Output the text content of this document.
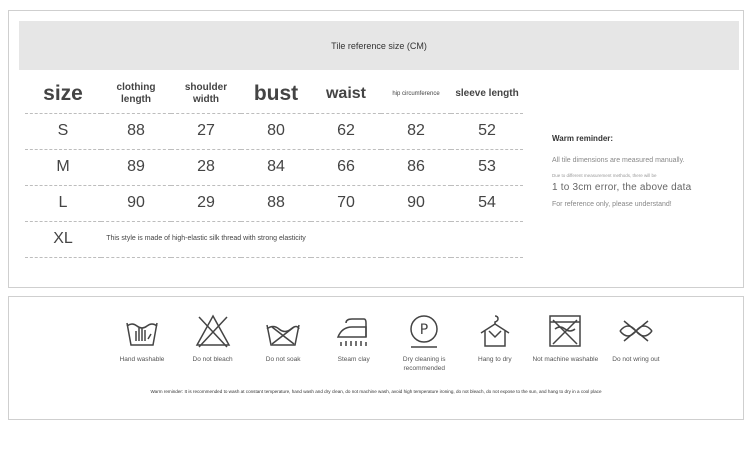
Tile reference size (CM)
size	clothing length	shoulder width	bust	waist	hip circumference	sleeve length
S	88	27	80	62	82	52
M	89	28	84	66	86	53
L	90	29	88	70	90	54
XL	This style is made of high-elastic silk thread with strong elasticity					
Warm reminder:
All tile dimensions are measured manually.
Due to different measurement methods, there will be
1 to 3cm error, the above data
For reference only, please understand!
Hand washable	Do not bleach	Do not soak	Steam clay
P
Dry cleaning is recommended
Hang to dry	Not machine washable Do not wring out
Warm reminder: It is recommended to wash at constant temperature, hand wash and dry clean, do not machine wash, avoid high temperature ironing, do not bleach, do not expose to the sun, and hang to dry in a cool place
